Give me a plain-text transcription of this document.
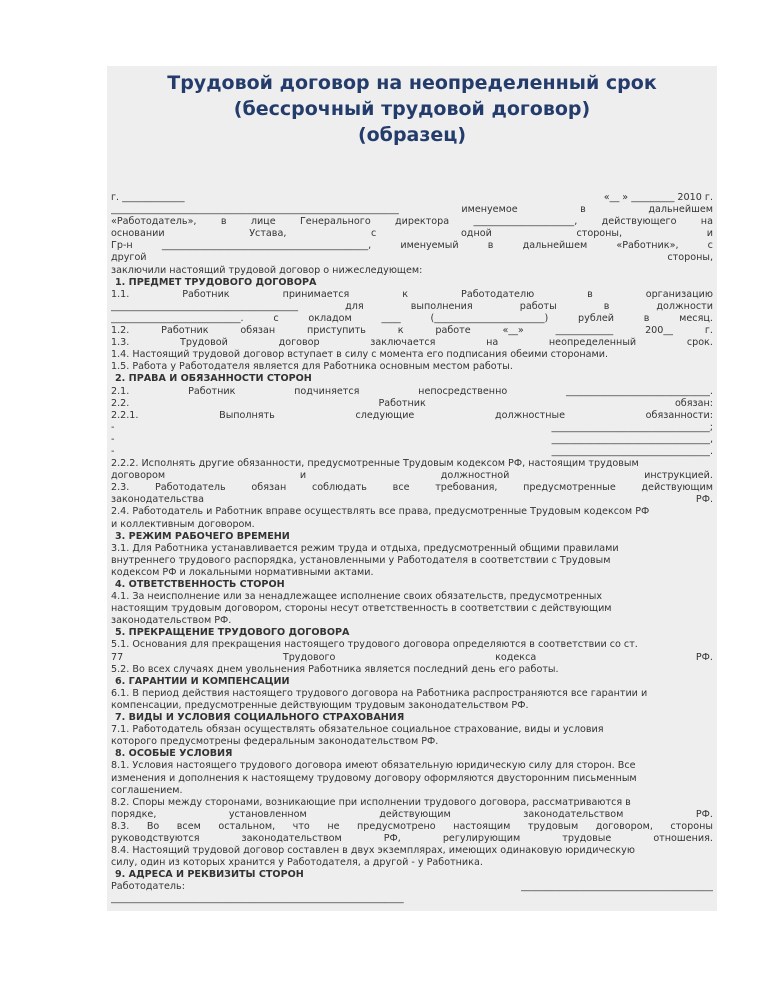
Трудовой договор на неопределенный срок
(бессрочный трудовой договор)
(образец)
г. _____________	«__ » _________ 2010 г.
____________________________________________________________	именуемое	в	дальнейшем
«Работодатель»,	в	лице	Генерального	директора	_____________________,	действующего	на
основании	Устава,	с	одной	стороны,	и
Гр-н	___________________________________________,	именуемый	в	дальнейшем	«Работник»,	с
другой	стороны,
заключили настоящий трудовой договор о нижеследующем:
1. ПРЕДМЕТ ТРУДОВОГО ДОГОВОРА
1.1.	Работник	принимается	к	Работодателю	в	организацию
_______________________________________	для	выполнения	работы	в	должности
___________________________.	с	окладом	____	(_______________________)	рублей	в	месяц.
1.2.	Работник	обязан	приступить	к	работе	«__»	____________	200__	г.
1.3.	Трудовой	договор	заключается	на	неопределенный	срок.
1.4. Настоящий трудовой договор вступает в силу с момента его подписания обеими сторонами.
1.5. Работа у Работодателя является для Работника основным местом работы.
2. ПРАВА И ОБЯЗАННОСТИ СТОРОН
2.1.	Работник	подчиняется	непосредственно	______________________________.
2.2.	Работник	обязан:
2.2.1.	Выполнять	следующие	должностные	обязанности:
-	_________________________________;
-	_________________________________,
-	_________________________________.
2.2.2. Исполнять другие обязанности, предусмотренные Трудовым кодексом РФ, настоящим трудовым
договором	и	должностной	инструкцией.
2.3.	Работодатель	обязан	соблюдать	все	требования,	предусмотренные	действующим
законодательства	РФ.
2.4. Работодатель и Работник вправе осуществлять все права, предусмотренные Трудовым кодексом РФ
и коллективным договором.
3. РЕЖИМ РАБОЧЕГО ВРЕМЕНИ
3.1. Для Работника устанавливается режим труда и отдыха, предусмотренный общими правилами
внутреннего трудового распорядка, установленными у Работодателя в соответствии с Трудовым
кодексом РФ и локальными нормативными актами.
4. ОТВЕТСТВЕННОСТЬ СТОРОН
4.1. За неисполнение или за ненадлежащее исполнение своих обязательств, предусмотренных
настоящим трудовым договором, стороны несут ответственность в соответствии с действующим
законодательством РФ.
5. ПРЕКРАЩЕНИЕ ТРУДОВОГО ДОГОВОРА
5.1. Основания для прекращения настоящего трудового договора определяются в соответствии со ст.
77	Трудового	кодекса	РФ.
5.2. Во всех случаях днем увольнения Работника является последний день его работы.
6. ГАРАНТИИ И КОМПЕНСАЦИИ
6.1. В период действия настоящего трудового договора на Работника распространяются все гарантии и
компенсации, предусмотренные действующим трудовым законодательством РФ.
7. ВИДЫ И УСЛОВИЯ СОЦИАЛЬНОГО СТРАХОВАНИЯ
7.1. Работодатель обязан осуществлять обязательное социальное страхование, виды и условия
которого предусмотрены федеральным законодательством РФ.
8. ОСОБЫЕ УСЛОВИЯ
8.1. Условия настоящего трудового договора имеют обязательную юридическую силу для сторон. Все
изменения и дополнения к настоящему трудовому договору оформляются двусторонним письменным
соглашением.
8.2. Споры между сторонами, возникающие при исполнении трудового договора, рассматриваются в
порядке,	установленном	действующим	законодательством	РФ.
8.3. Во всем остальном, что не предусмотрено настоящим трудовым договором, стороны
руководствуются	законодательством	РФ,	регулирующим	трудовые	отношения.
8.4. Настоящий трудовой договор составлен в двух экземплярах, имеющих одинаковую юридическую
силу, один из которых хранится у Работодателя, а другой - у Работника.
9. АДРЕСА И РЕКВИЗИТЫ СТОРОН
Работодатель:	________________________________________
_____________________________________________________________
